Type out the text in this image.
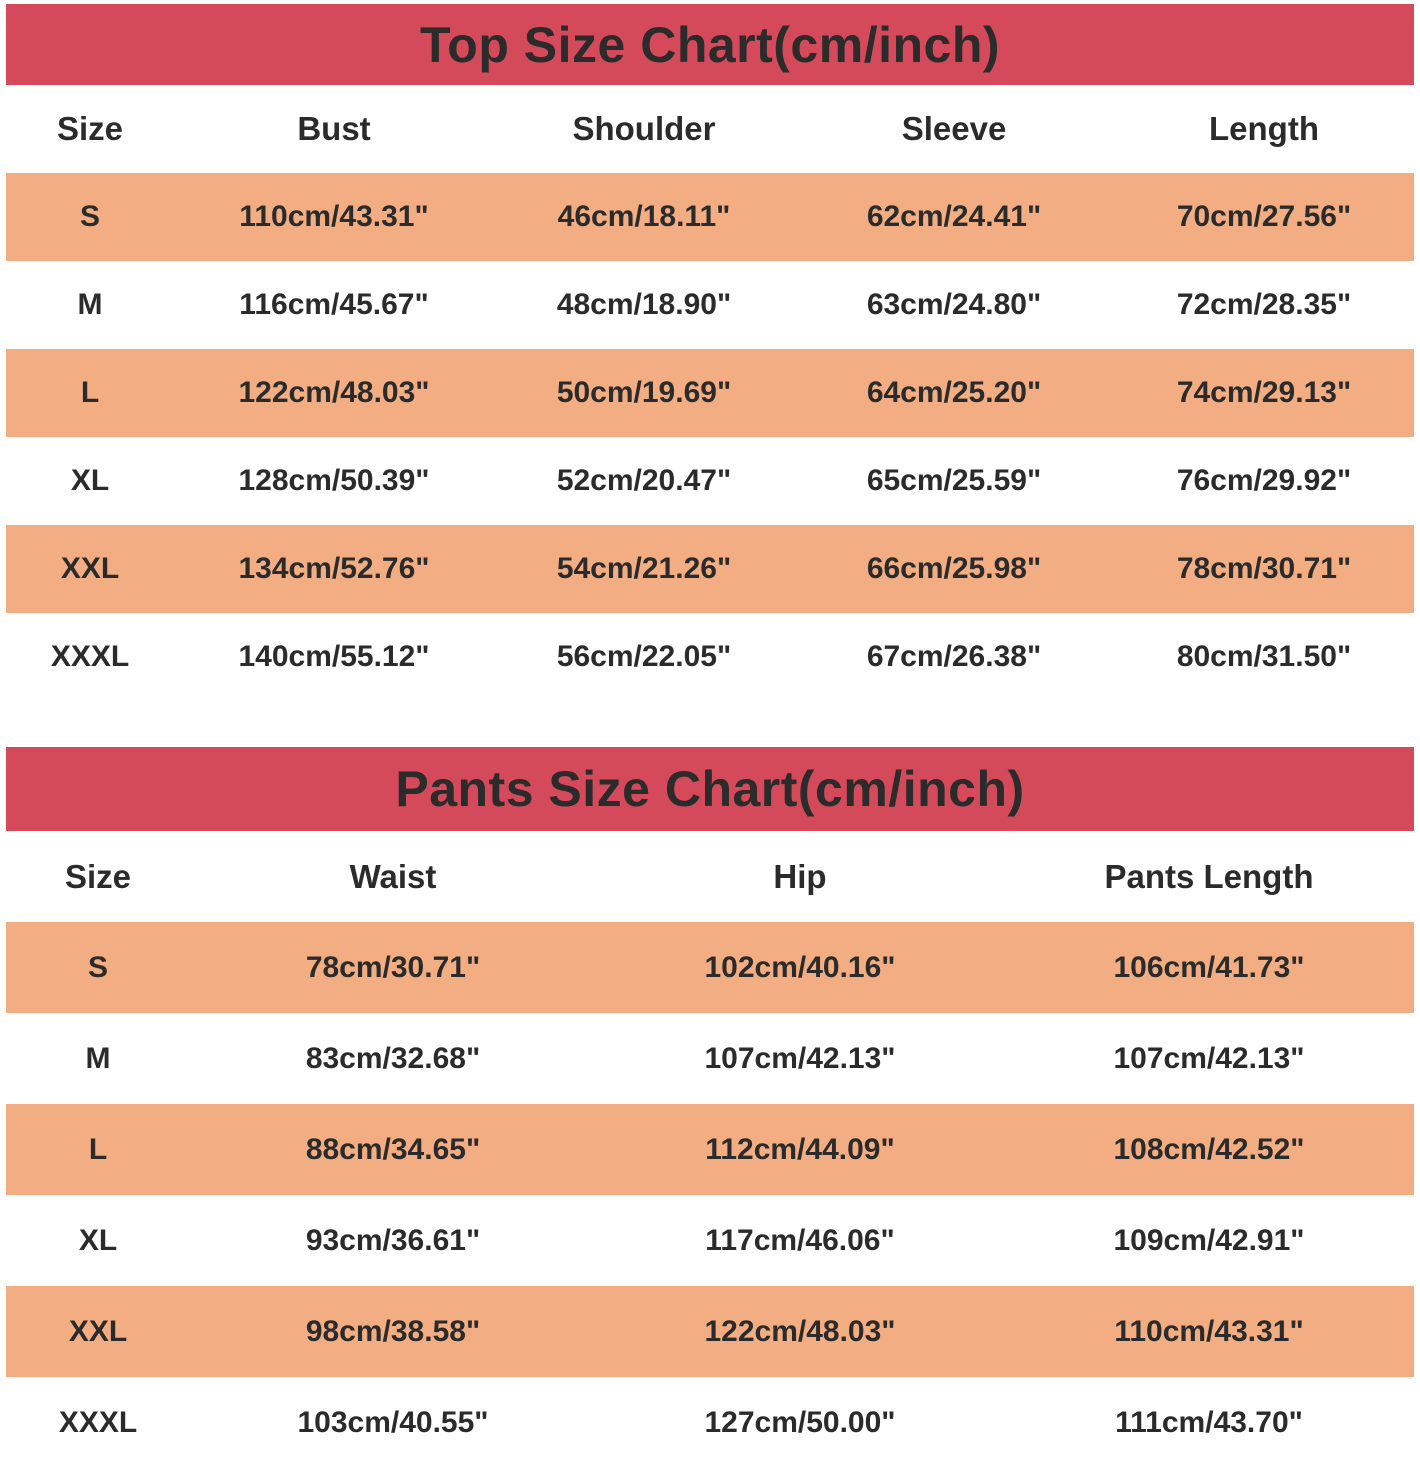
Top Size Chart(cm/inch)
Size	Bust	Shoulder	Sleeve	Length
S	110cm/43.31"	46cm/18.11"	62cm/24.41"	70cm/27.56"
M	116cm/45.67"	48cm/18.90"	63cm/24.80"	72cm/28.35"
L	122cm/48.03"	50cm/19.69"	64cm/25.20"	74cm/29.13"
XL	128cm/50.39"	52cm/20.47"	65cm/25.59"	76cm/29.92"
XXL	134cm/52.76"	54cm/21.26"	66cm/25.98"	78cm/30.71"
XXXL	140cm/55.12"	56cm/22.05"	67cm/26.38"	80cm/31.50"
Pants Size Chart(cm/inch)
Size	Waist	Hip	Pants Length
S	78cm/30.71"	102cm/40.16"	106cm/41.73"
M	83cm/32.68"	107cm/42.13"	107cm/42.13"
L	88cm/34.65"	112cm/44.09"	108cm/42.52"
XL	93cm/36.61"	117cm/46.06"	109cm/42.91"
XXL	98cm/38.58"	122cm/48.03"	110cm/43.31"
XXXL	103cm/40.55"	127cm/50.00"	111cm/43.70"
